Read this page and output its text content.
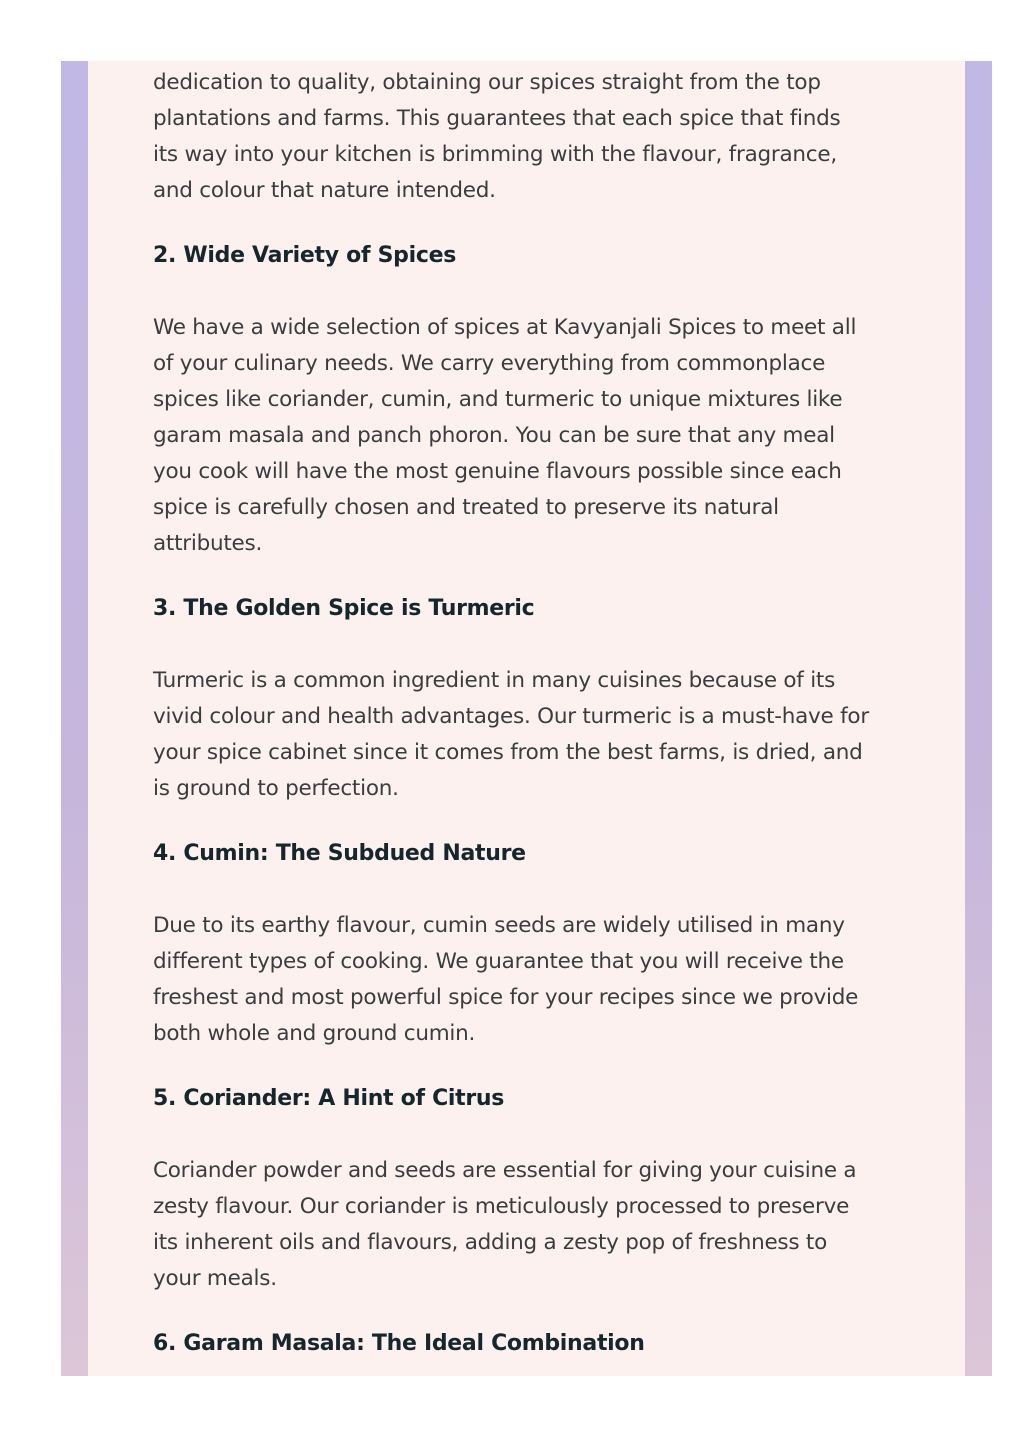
dedication to quality, obtaining our spices straight from the top
plantations and farms. This guarantees that each spice that finds
its way into your kitchen is brimming with the flavour, fragrance,
and colour that nature intended.
2. Wide Variety of Spices
We have a wide selection of spices at Kavyanjali Spices to meet all
of your culinary needs. We carry everything from commonplace
spices like coriander, cumin, and turmeric to unique mixtures like
garam masala and panch phoron. You can be sure that any meal
you cook will have the most genuine flavours possible since each
spice is carefully chosen and treated to preserve its natural
attributes.
3. The Golden Spice is Turmeric
Turmeric is a common ingredient in many cuisines because of its
vivid colour and health advantages. Our turmeric is a must-have for
your spice cabinet since it comes from the best farms, is dried, and
is ground to perfection.
4. Cumin: The Subdued Nature
Due to its earthy flavour, cumin seeds are widely utilised in many
different types of cooking. We guarantee that you will receive the
freshest and most powerful spice for your recipes since we provide
both whole and ground cumin.
5. Coriander: A Hint of Citrus
Coriander powder and seeds are essential for giving your cuisine a
zesty flavour. Our coriander is meticulously processed to preserve
its inherent oils and flavours, adding a zesty pop of freshness to
your meals.
6. Garam Masala: The Ideal Combination
